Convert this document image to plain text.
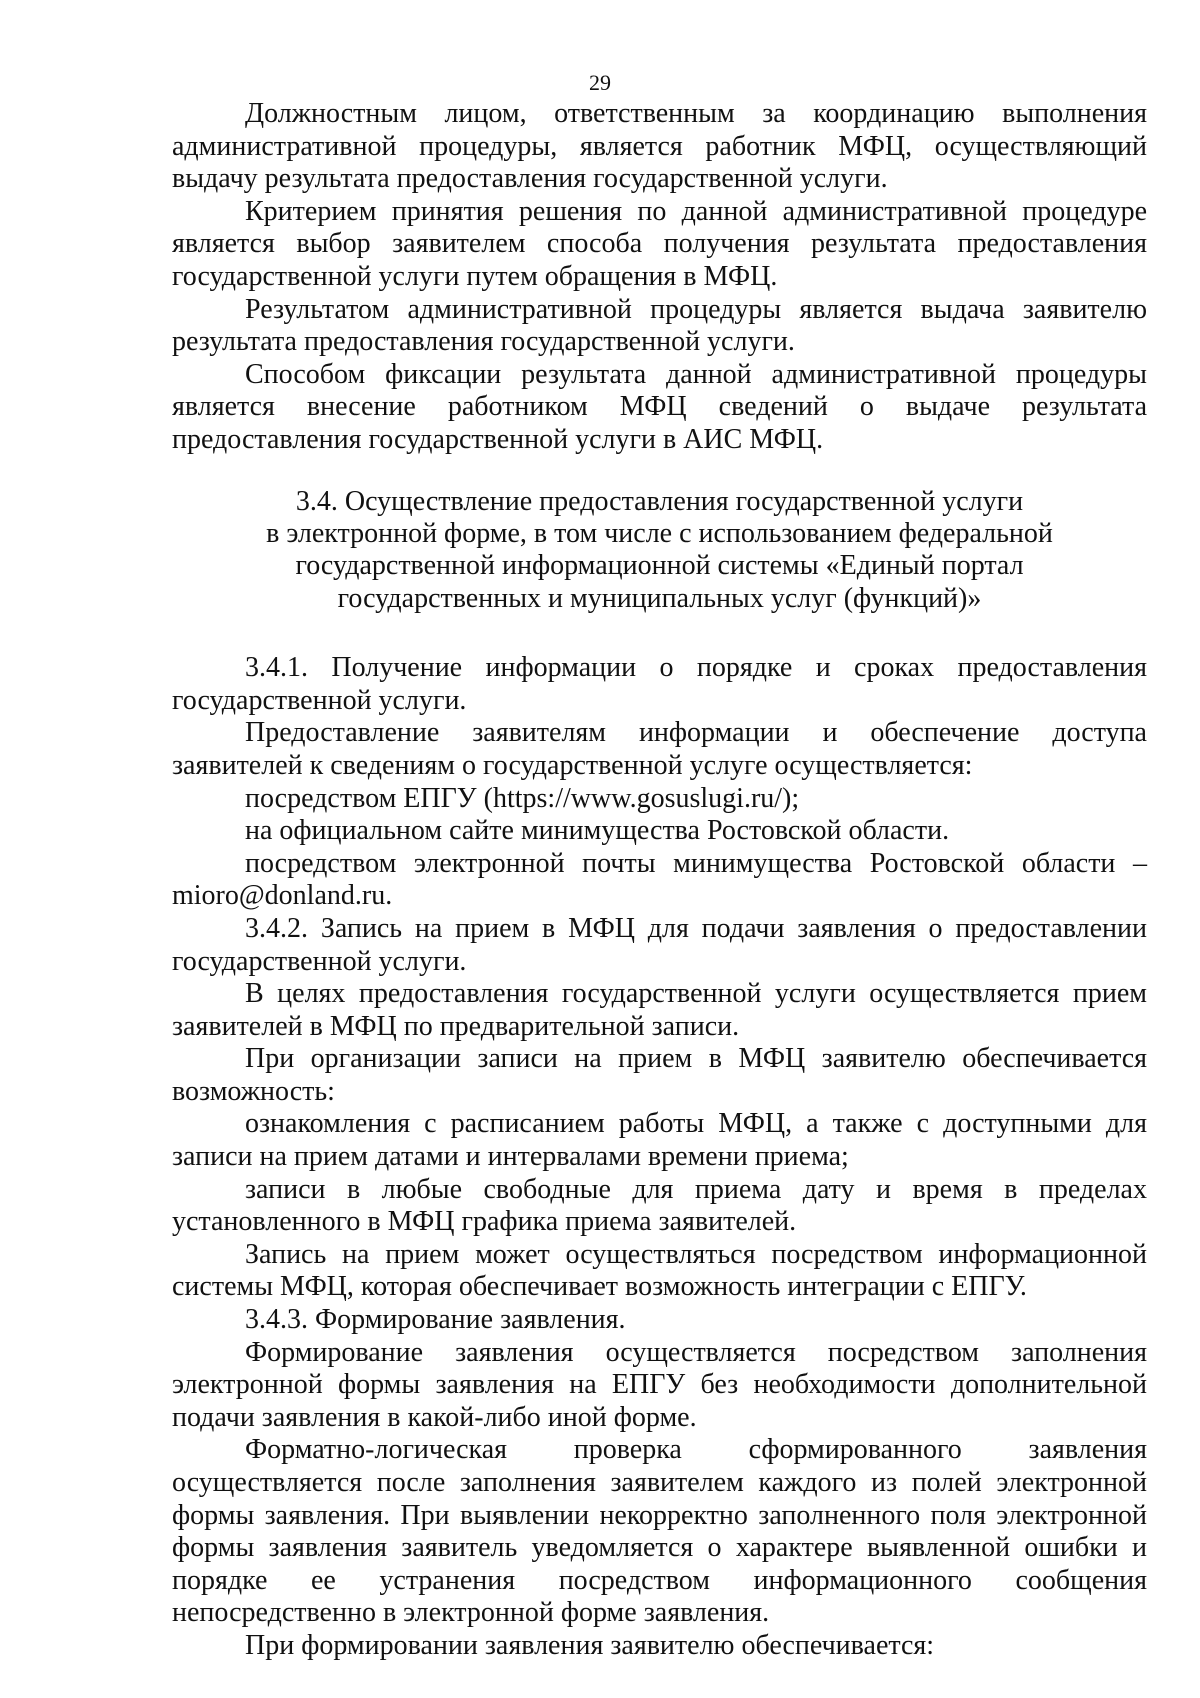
29

Должностным лицом, ответственным за координацию выполнения административной процедуры, является работник МФЦ, осуществляющий выдачу результата предоставления государственной услуги.

Критерием принятия решения по данной административной процедуре является выбор заявителем способа получения результата предоставления государственной услуги путем обращения в МФЦ.

Результатом административной процедуры является выдача заявителю результата предоставления государственной услуги.

Способом фиксации результата данной административной процедуры является внесение работником МФЦ сведений о выдаче результата предоставления государственной услуги в АИС МФЦ.

3.4. Осуществление предоставления государственной услуги
в электронной форме, в том числе с использованием федеральной
государственной информационной системы «Единый портал
государственных и муниципальных услуг (функций)»

3.4.1. Получение информации о порядке и сроках предоставления государственной услуги.

Предоставление заявителям информации и обеспечение доступа заявителей к сведениям о государственной услуге осуществляется:

посредством ЕПГУ (https://www.gosuslugi.ru/);

на официальном сайте минимущества Ростовской области.

посредством электронной почты минимущества Ростовской области – mioro@donland.ru.

3.4.2. Запись на прием в МФЦ для подачи заявления о предоставлении государственной услуги.

В целях предоставления государственной услуги осуществляется прием заявителей в МФЦ по предварительной записи.

При организации записи на прием в МФЦ заявителю обеспечивается возможность:

ознакомления с расписанием работы МФЦ, а также с доступными для записи на прием датами и интервалами времени приема;

записи в любые свободные для приема дату и время в пределах установленного в МФЦ графика приема заявителей.

Запись на прием может осуществляться посредством информационной системы МФЦ, которая обеспечивает возможность интеграции с ЕПГУ.

3.4.3. Формирование заявления.

Формирование заявления осуществляется посредством заполнения электронной формы заявления на ЕПГУ без необходимости дополнительной подачи заявления в какой-либо иной форме.

Форматно-логическая проверка сформированного заявления осуществляется после заполнения заявителем каждого из полей электронной формы заявления. При выявлении некорректно заполненного поля электронной формы заявления заявитель уведомляется о характере выявленной ошибки и порядке ее устранения посредством информационного сообщения непосредственно в электронной форме заявления.

При формировании заявления заявителю обеспечивается:
